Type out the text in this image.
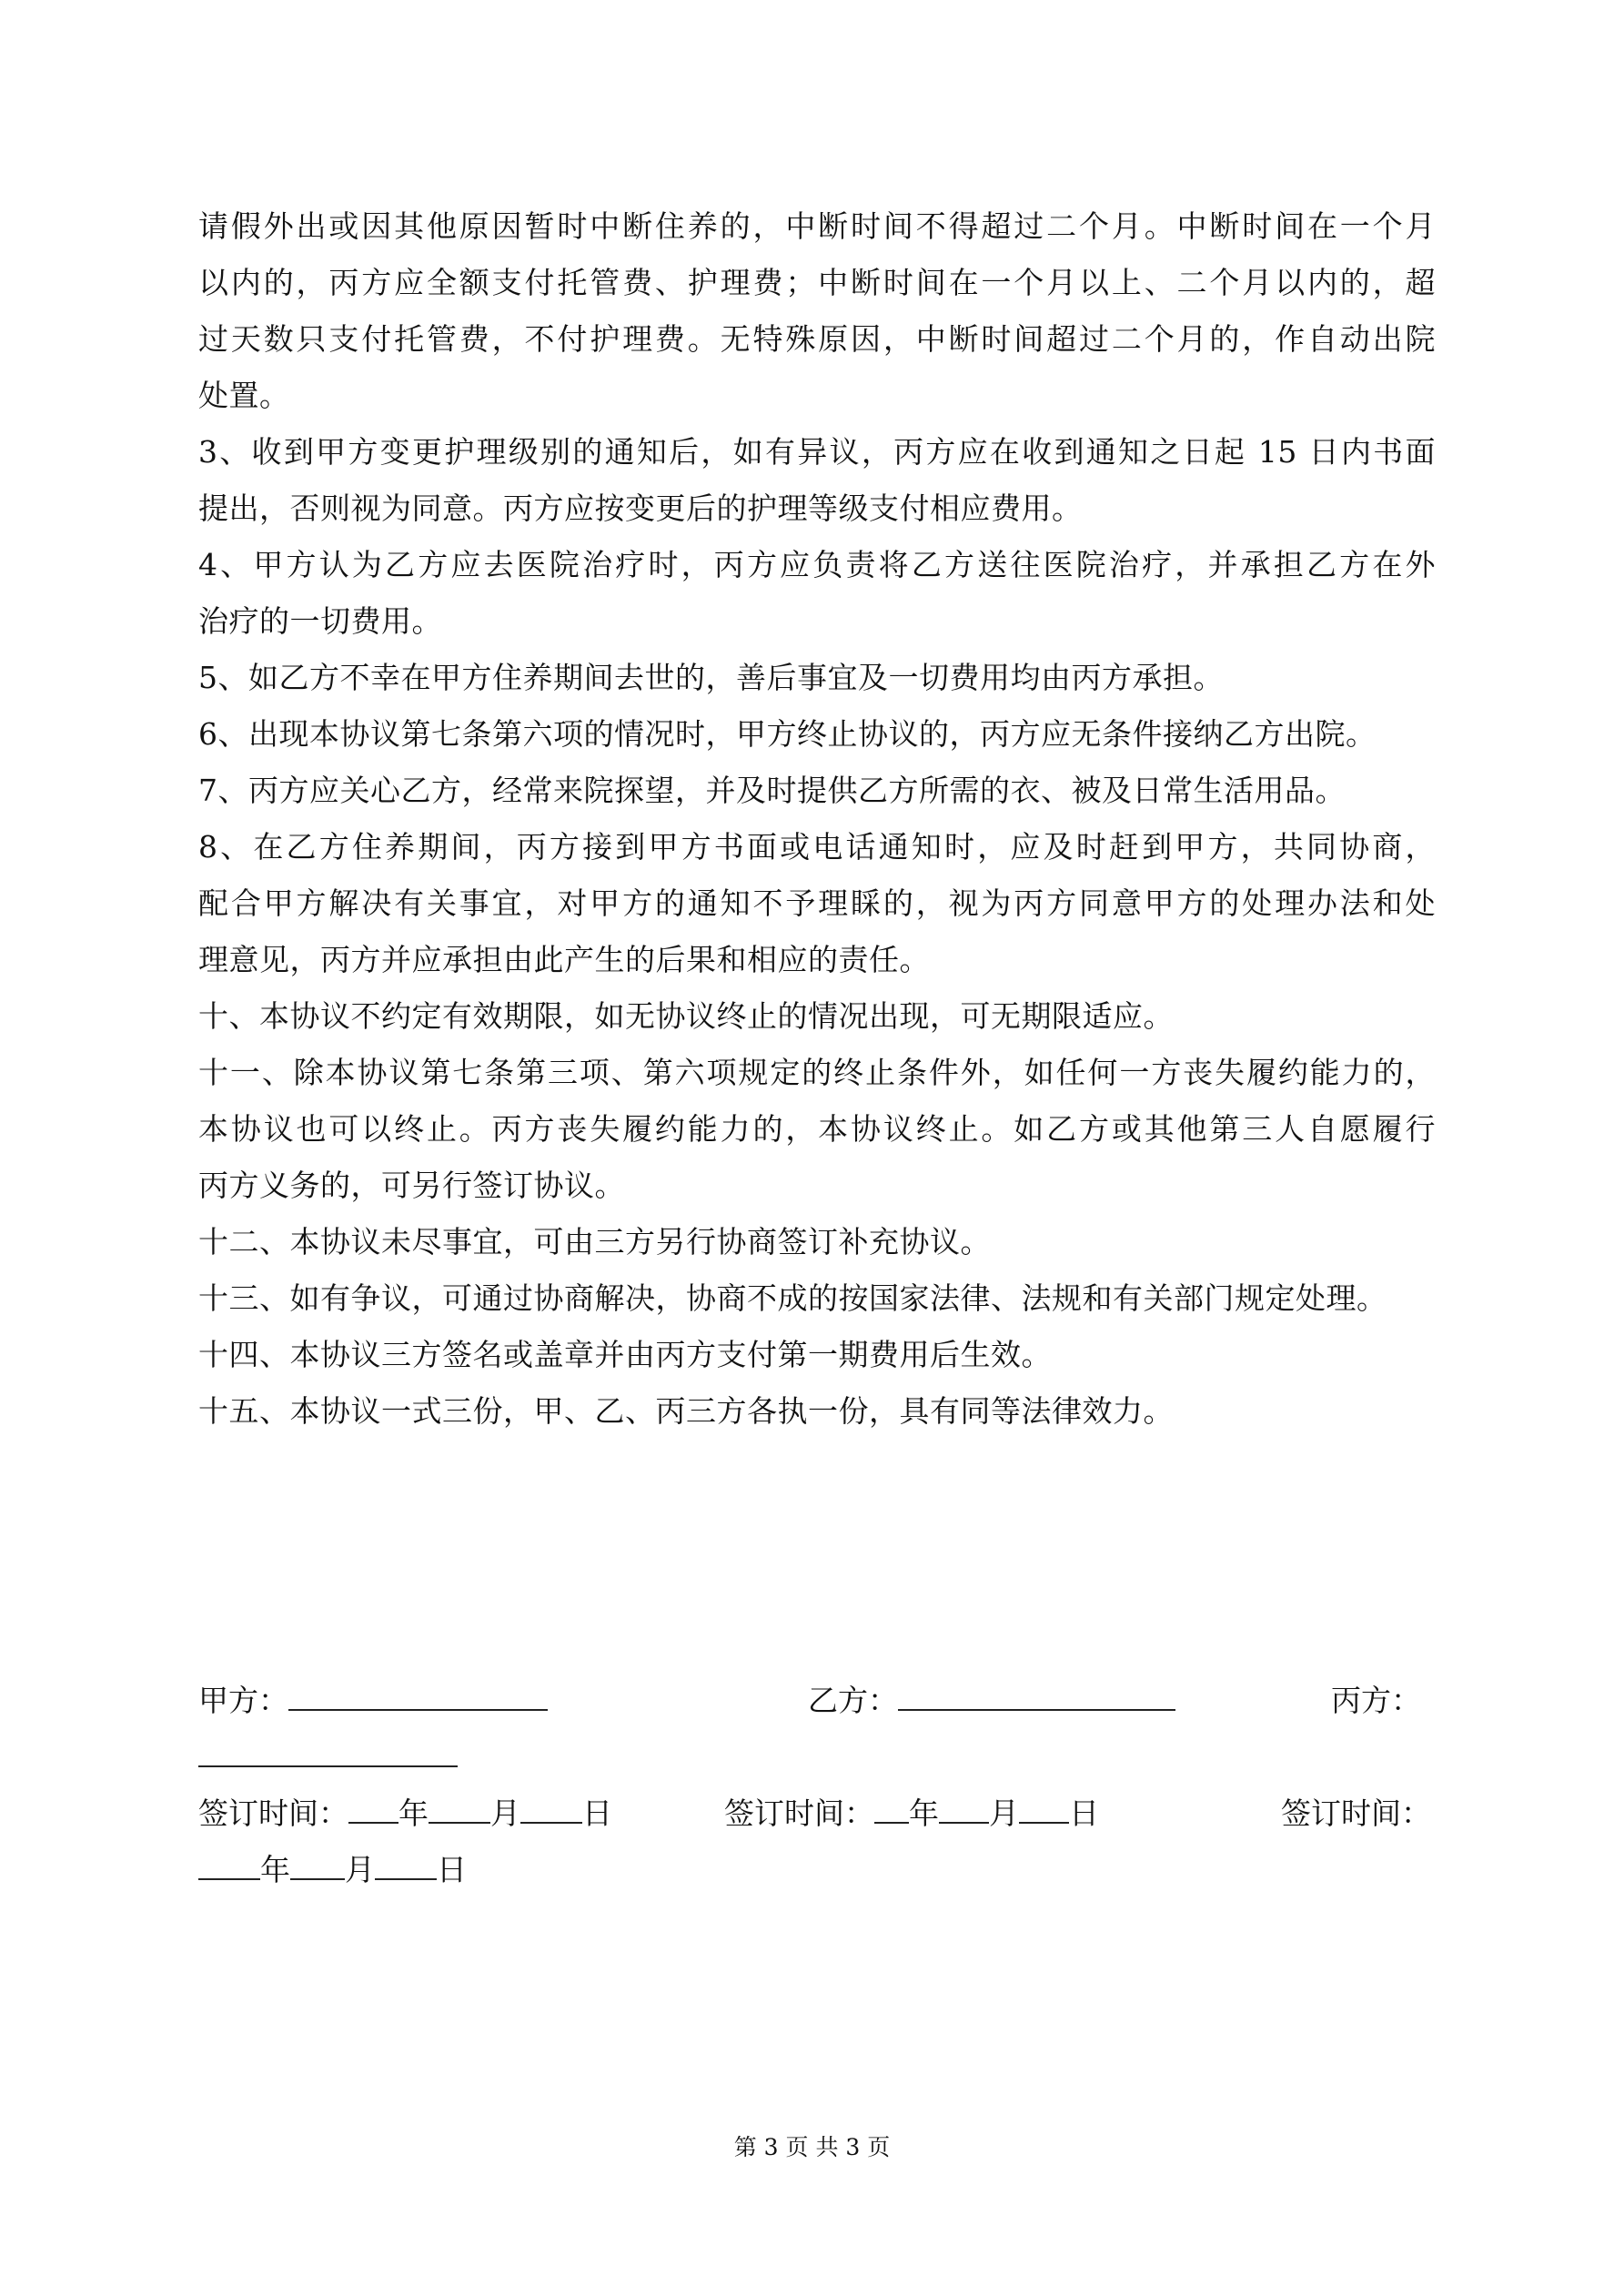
请假外出或因其他原因暂时中断住养的，中断时间不得超过二个月。中断时间在一个月
以内的，丙方应全额支付托管费、护理费；中断时间在一个月以上、二个月以内的，超
过天数只支付托管费，不付护理费。无特殊原因，中断时间超过二个月的，作自动出院
处置。
3、收到甲方变更护理级别的通知后，如有异议，丙方应在收到通知之日起 15 日内书面
提出，否则视为同意。丙方应按变更后的护理等级支付相应费用。
4、甲方认为乙方应去医院治疗时，丙方应负责将乙方送往医院治疗，并承担乙方在外
治疗的一切费用。
5、如乙方不幸在甲方住养期间去世的，善后事宜及一切费用均由丙方承担。
6、出现本协议第七条第六项的情况时，甲方终止协议的，丙方应无条件接纳乙方出院。
7、丙方应关心乙方，经常来院探望，并及时提供乙方所需的衣、被及日常生活用品。
8、在乙方住养期间，丙方接到甲方书面或电话通知时，应及时赶到甲方，共同协商，
配合甲方解决有关事宜，对甲方的通知不予理睬的，视为丙方同意甲方的处理办法和处
理意见，丙方并应承担由此产生的后果和相应的责任。
十、本协议不约定有效期限，如无协议终止的情况出现，可无期限适应。
十一、除本协议第七条第三项、第六项规定的终止条件外，如任何一方丧失履约能力的，
本协议也可以终止。丙方丧失履约能力的，本协议终止。如乙方或其他第三人自愿履行
丙方义务的，可另行签订协议。
十二、本协议未尽事宜，可由三方另行协商签订补充协议。
十三、如有争议，可通过协商解决，协商不成的按国家法律、法规和有关部门规定处理。
十四、本协议三方签名或盖章并由丙方支付第一期费用后生效。
十五、本协议一式三份，甲、乙、丙三方各执一份，具有同等法律效力。
甲方：	乙方：	丙方：
签订时间： 年 月 日	签订时间： 年 月 日	签订时间：
年 月 日
第 3 页 共 3 页
